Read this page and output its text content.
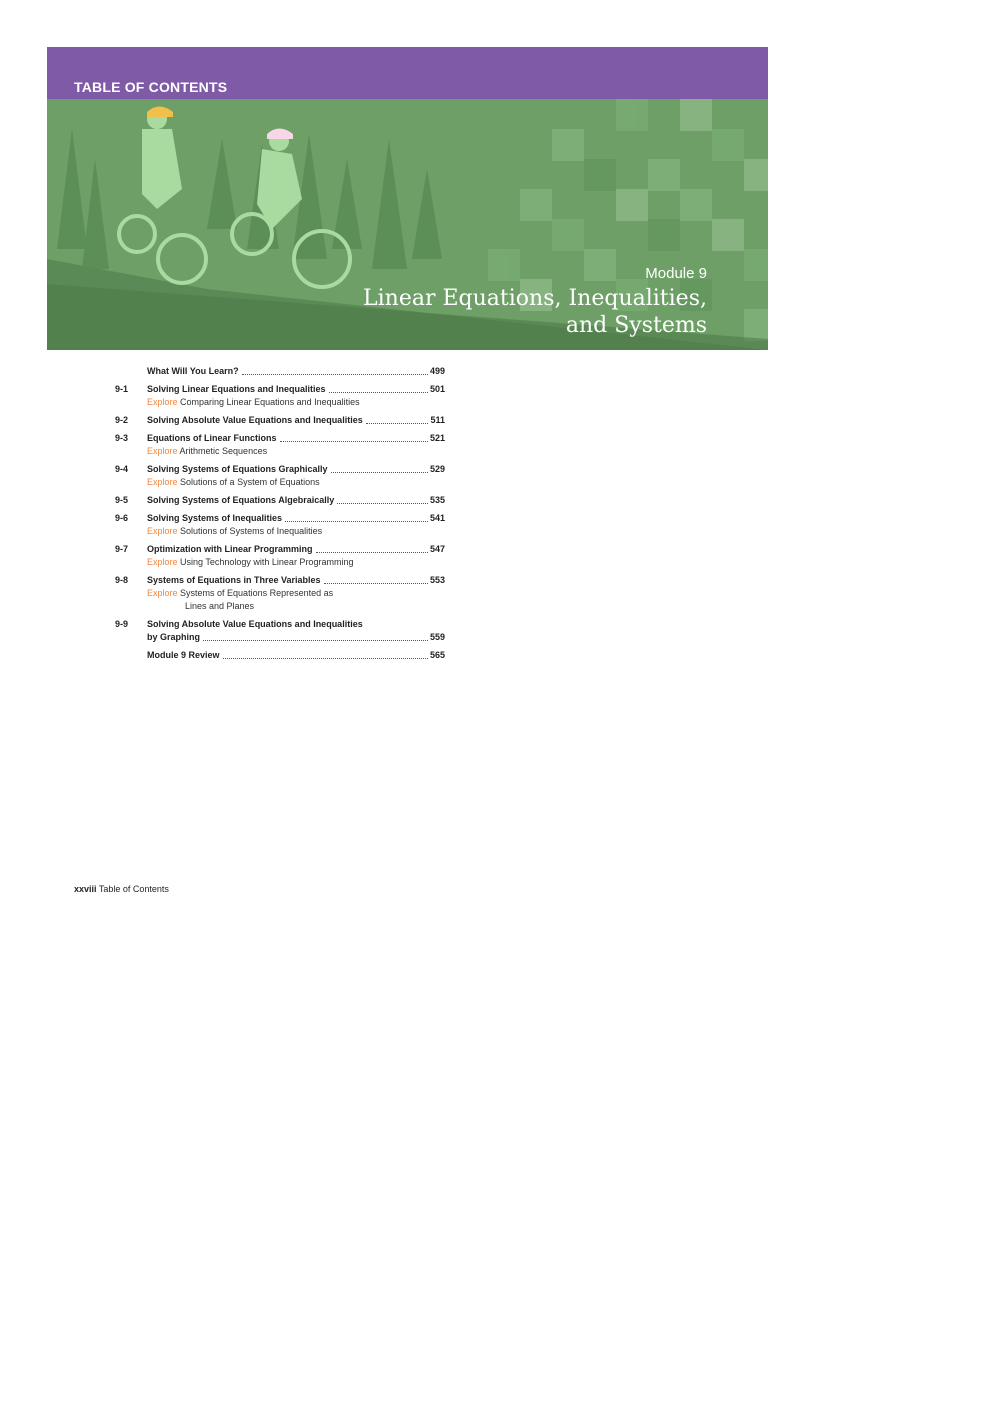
TABLE OF CONTENTS
Module 9
Linear Equations, Inequalities,
and Systems
What Will You Learn?	499
9-1 Solving Linear Equations and Inequalities	501
Explore Comparing Linear Equations and Inequalities
9-2 Solving Absolute Value Equations and Inequalities	511
9-3 Equations of Linear Functions	521
Explore Arithmetic Sequences
9-4 Solving Systems of Equations Graphically	529
Explore Solutions of a System of Equations
9-5 Solving Systems of Equations Algebraically	535
9-6 Solving Systems of Inequalities	541
Explore Solutions of Systems of Inequalities
9-7 Optimization with Linear Programming	547
Explore Using Technology with Linear Programming
9-8 Systems of Equations in Three Variables	553
Explore Systems of Equations Represented as
Lines and Planes
9-9 Solving Absolute Value Equations and Inequalities
by Graphing	559
Module 9 Review	565
xxviii Table of Contents
